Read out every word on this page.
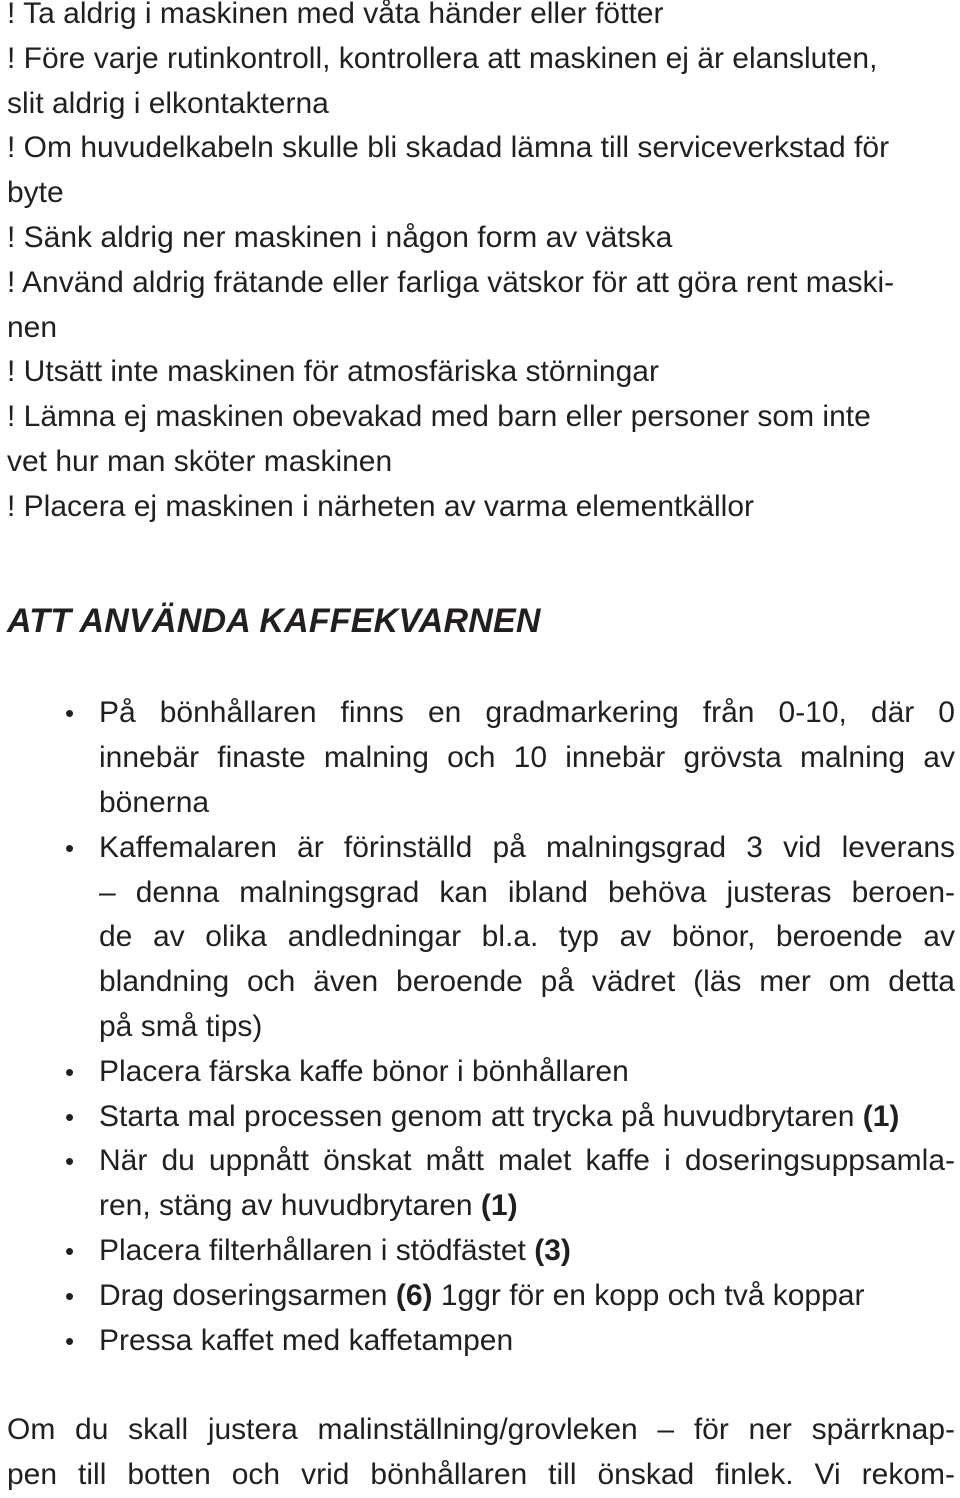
! Ta aldrig i maskinen med våta händer eller fötter
! Före varje rutinkontroll, kontrollera att maskinen ej är elansluten,
slit aldrig i elkontakterna
! Om huvudelkabeln skulle bli skadad lämna till serviceverkstad för
byte
! Sänk aldrig ner maskinen i någon form av vätska
! Använd aldrig frätande eller farliga vätskor för att göra rent maski-
nen
! Utsätt inte maskinen för atmosfäriska störningar
! Lämna ej maskinen obevakad med barn eller personer som inte
vet hur man sköter maskinen
! Placera ej maskinen i närheten av varma elementkällor
ATT ANVÄNDA KAFFEKVARNEN
• På bönhållaren finns en gradmarkering från 0-10, där 0
innebär finaste malning och 10 innebär grövsta malning av
bönerna
• Kaffemalaren är förinställd på malningsgrad 3 vid leverans
– denna malningsgrad kan ibland behöva justeras beroen-
de av olika andledningar bl.a. typ av bönor, beroende av
blandning och även beroende på vädret (läs mer om detta
på små tips)
• Placera färska kaffe bönor i bönhållaren
• Starta mal processen genom att trycka på huvudbrytaren (1)
• När du uppnått önskat mått malet kaffe i doseringsuppsamla-
ren, stäng av huvudbrytaren (1)
• Placera filterhållaren i stödfästet (3)
• Drag doseringsarmen (6) 1ggr för en kopp och två koppar
• Pressa kaffet med kaffetampen
Om du skall justera malinställning/grovleken – för ner spärrknap-
pen till botten och vrid bönhållaren till önskad finlek. Vi rekom-
